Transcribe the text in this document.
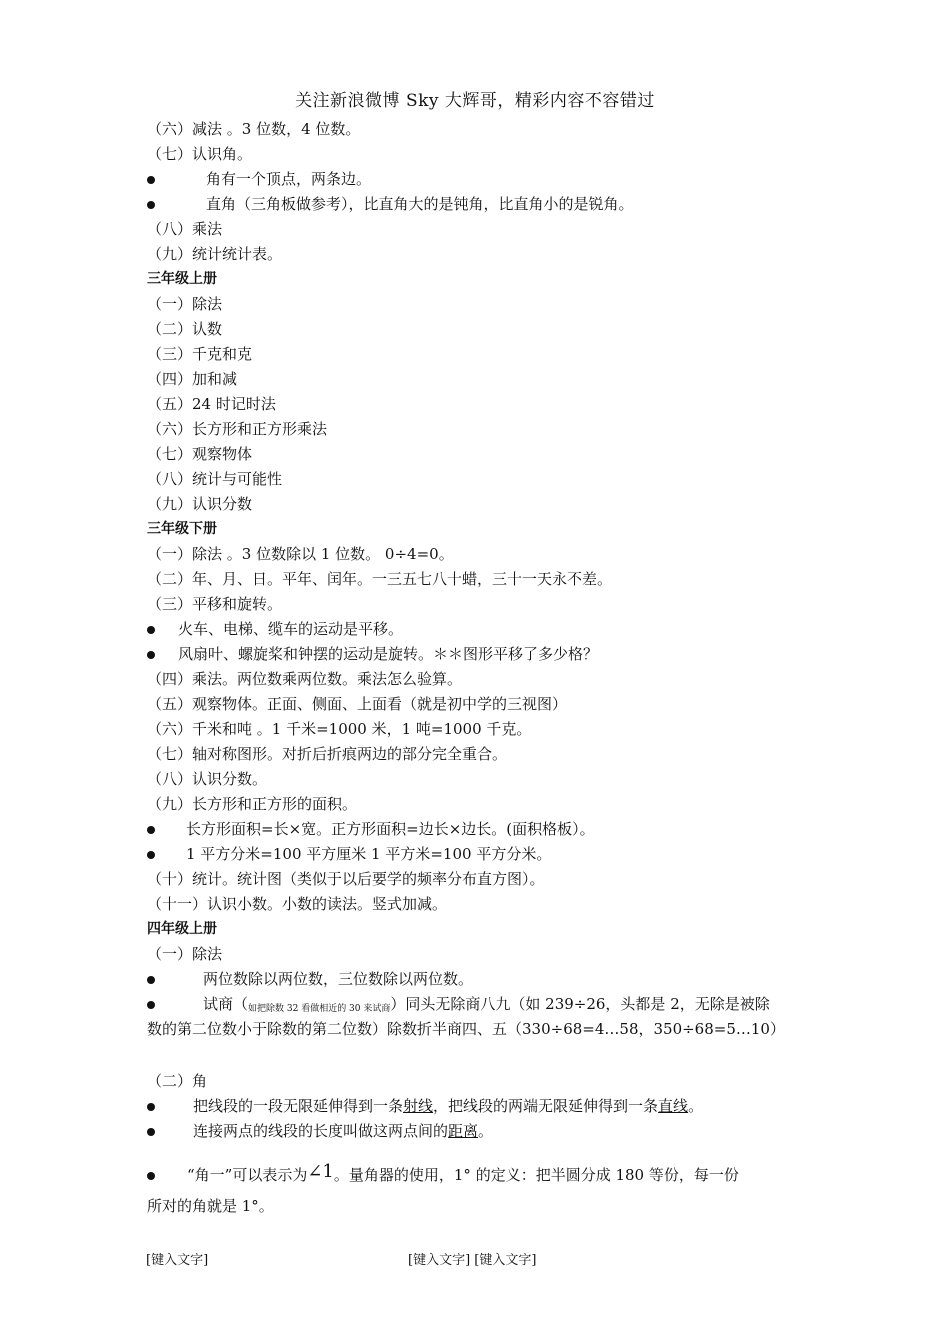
关注新浪微博 Sky 大辉哥，精彩内容不容错过
（六）减法 。3 位数，4 位数。
（七）认识角。
角有一个顶点，两条边。
直角（三角板做参考），比直角大的是钝角，比直角小的是锐角。
（八）乘法
（九）统计统计表。
三年级上册
（一）除法
（二）认数
（三）千克和克
（四）加和减
（五）24 时记时法
（六）长方形和正方形乘法
（七）观察物体
（八）统计与可能性
（九）认识分数
三年级下册
（一）除法 。3 位数除以 1 位数。 0÷4=0。
（二）年、月、日。平年、闰年。一三五七八十蜡，三十一天永不差。
（三）平移和旋转。
火车、电梯、缆车的运动是平移。
风扇叶、螺旋桨和钟摆的运动是旋转。＊＊图形平移了多少格？
（四）乘法。两位数乘两位数。乘法怎么验算。
（五）观察物体。正面、侧面、上面看（就是初中学的三视图）
（六）千米和吨 。1 千米=1000 米，1 吨=1000 千克。
（七）轴对称图形。对折后折痕两边的部分完全重合。
（八）认识分数。
（九）长方形和正方形的面积。
长方形面积=长×宽。正方形面积=边长×边长。(面积格板）。
1 平方分米=100 平方厘米 1 平方米=100 平方分米。
（十）统计。统计图（类似于以后要学的频率分布直方图）。
（十一）认识小数。小数的读法。竖式加减。
四年级上册
（一）除法
两位数除以两位数，三位数除以两位数。
试商（如把除数 32 看做相近的 30 来试商）同头无除商八九（如 239÷26，头都是 2，无除是被除
数的第二位数小于除数的第二位数）除数折半商四、五（330÷68=4…58，350÷68=5…10）
（二）角
把线段的一段无限延伸得到一条射线，把线段的两端无限延伸得到一条直线。
连接两点的线段的长度叫做这两点间的距离。
“角一”可以表示为∠1。量角器的使用，1° 的定义：把半圆分成 180 等份，每一份
所对的角就是 1°。
[键入文字]	[键入文字] [键入文字]
